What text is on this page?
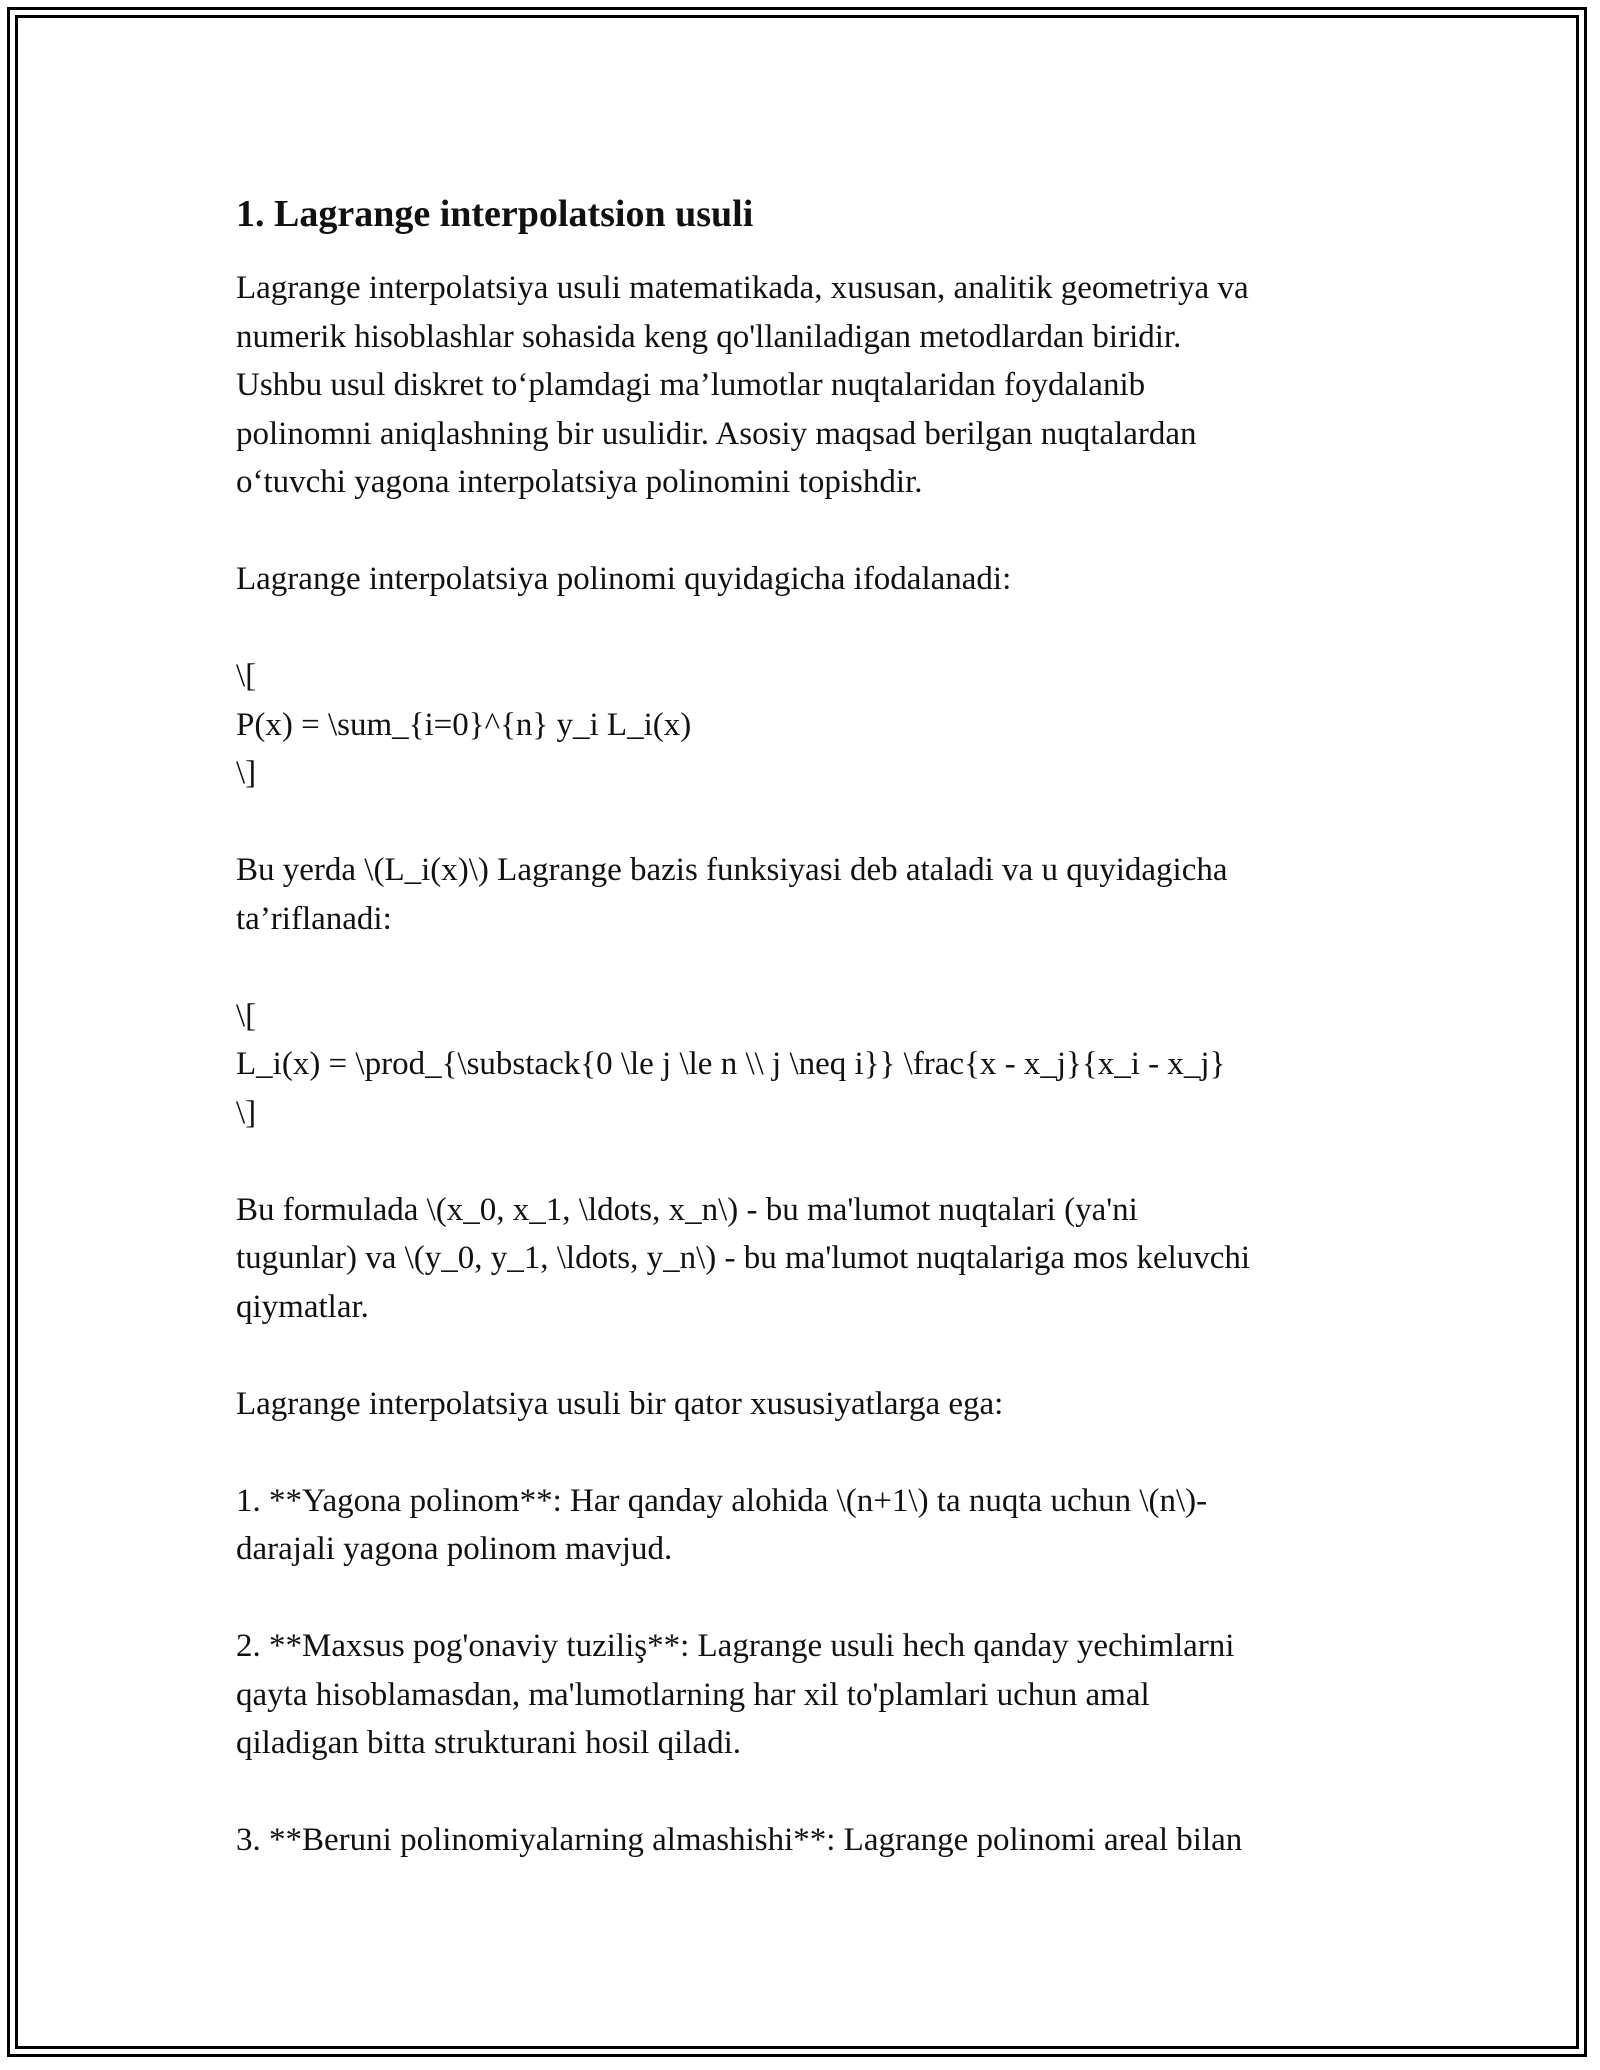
1. Lagrange interpolatsion usuli

Lagrange interpolatsiya usuli matematikada, xususan, analitik geometriya va
numerik hisoblashlar sohasida keng qo'llaniladigan metodlardan biridir.
Ushbu usul diskret to‘plamdagi ma’lumotlar nuqtalaridan foydalanib
polinomni aniqlashning bir usulidir. Asosiy maqsad berilgan nuqtalardan
o‘tuvchi yagona interpolatsiya polinomini topishdir.

Lagrange interpolatsiya polinomi quyidagicha ifodalanadi:

\[
P(x) = \sum_{i=0}^{n} y_i L_i(x)
\]

Bu yerda \(L_i(x)\) Lagrange bazis funksiyasi deb ataladi va u quyidagicha
ta’riflanadi:

\[
L_i(x) = \prod_{\substack{0 \le j \le n \\ j \neq i}} \frac{x - x_j}{x_i - x_j}
\]

Bu formulada \(x_0, x_1, \ldots, x_n\) - bu ma'lumot nuqtalari (ya'ni
tugunlar) va \(y_0, y_1, \ldots, y_n\) - bu ma'lumot nuqtalariga mos keluvchi
qiymatlar.

Lagrange interpolatsiya usuli bir qator xususiyatlarga ega:

1. **Yagona polinom**: Har qanday alohida \(n+1\) ta nuqta uchun \(n\)-
darajali yagona polinom mavjud.

2. **Maxsus pog'onaviy tuziliş**: Lagrange usuli hech qanday yechimlarni
qayta hisoblamasdan, ma'lumotlarning har xil to'plamlari uchun amal
qiladigan bitta strukturani hosil qiladi.

3. **Beruni polinomiyalarning almashishi**: Lagrange polinomi areal bilan
